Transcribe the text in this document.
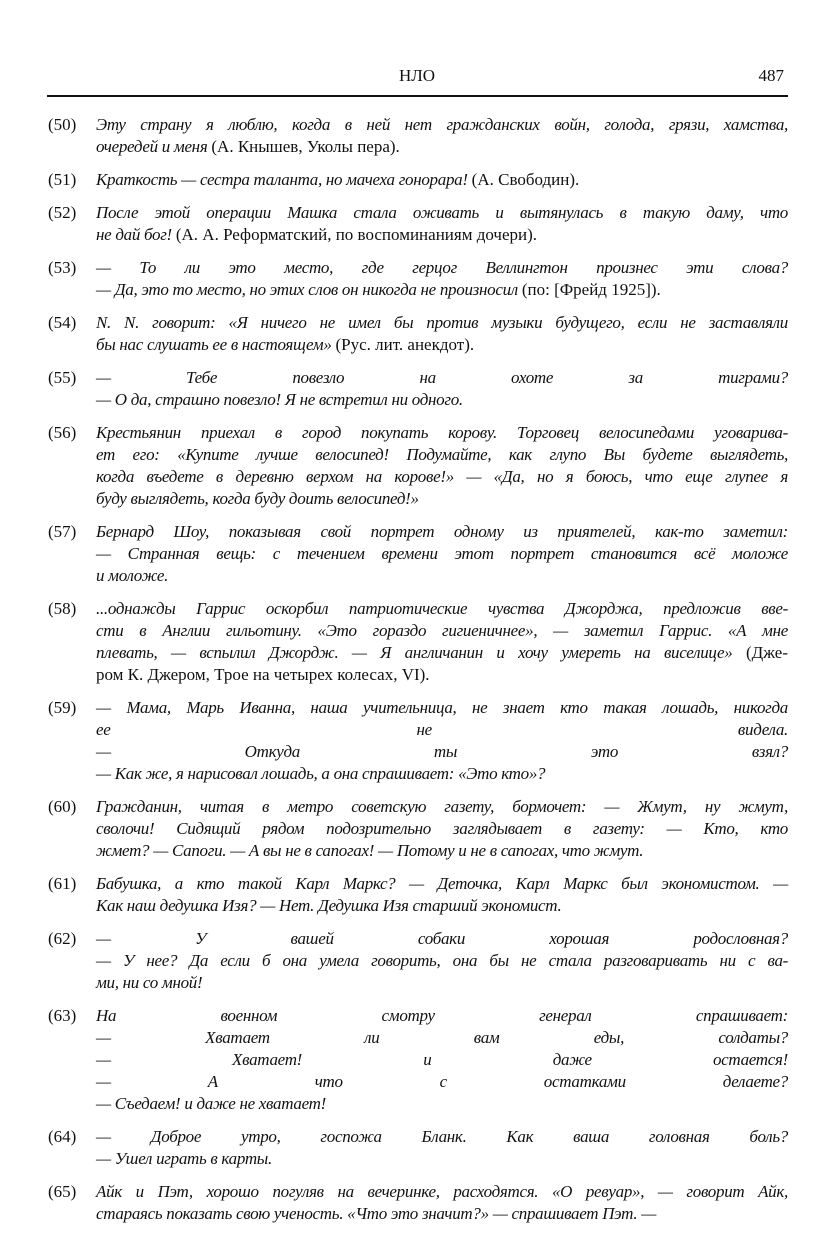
НЛО	487
(50) Эту страну я люблю, когда в ней нет гражданских войн, голода, грязи, хамства,
очередей и меня (А. Кнышев, Уколы пера).
(51) Краткость — сестра таланта, но мачеха гонорара! (А. Свободин).
(52) После этой операции Машка стала оживать и вытянулась в такую даму, что
не дай бог! (А. А. Реформатский, по воспоминаниям дочери).
(53) — То ли это место, где герцог Веллингтон произнес эти слова?
— Да, это то место, но этих слов он никогда не произносил (по: [Фрейд 1925]).
(54) N. N. говорит: «Я ничего не имел бы против музыки будущего, если не заставляли
бы нас слушать ее в настоящем» (Рус. лит. анекдот).
(55) — Тебе повезло на охоте за тиграми?
— О да, страшно повезло! Я не встретил ни одного.
(56) Крестьянин приехал в город покупать корову. Торговец велосипедами уговарива-
ет его: «Купите лучше велосипед! Подумайте, как глупо Вы будете выглядеть,
когда въедете в деревню верхом на корове!» — «Да, но я боюсь, что еще глупее я
буду выглядеть, когда буду доить велосипед!»
(57) Бернард Шоу, показывая свой портрет одному из приятелей, как-то заметил:
— Странная вещь: с течением времени этот портрет становится всё моложе
и моложе.
(58) ...однажды Гаррис оскорбил патриотические чувства Джорджа, предложив вве-
сти в Англии гильотину. «Это гораздо гигиеничнее», — заметил Гаррис. «А мне
плевать, — вспылил Джордж. — Я англичанин и хочу умереть на виселице» (Дже-
ром К. Джером, Трое на четырех колесах, VI).
(59) — Мама, Марь Иванна, наша учительница, не знает кто такая лошадь, никогда
ее не видела.
— Откуда ты это взял?
— Как же, я нарисовал лошадь, а она спрашивает: «Это кто»?
(60) Гражданин, читая в метро советскую газету, бормочет: — Жмут, ну жмут,
сволочи! Сидящий рядом подозрительно заглядывает в газету: — Кто, кто
жмет? — Сапоги. — А вы не в сапогах! — Потому и не в сапогах, что жмут.
(61) Бабушка, а кто такой Карл Маркс? — Деточка, Карл Маркс был экономистом. —
Как наш дедушка Изя? — Нет. Дедушка Изя старший экономист.
(62) — У вашей собаки хорошая родословная?
— У нее? Да если б она умела говорить, она бы не стала разговаривать ни с ва-
ми, ни со мной!
(63) На военном смотру генерал спрашивает:
— Хватает ли вам еды, солдаты?
— Хватает! и даже остается!
— А что с остатками делаете?
— Съедаем! и даже не хватает!
(64) — Доброе утро, госпожа Бланк. Как ваша головная боль?
— Ушел играть в карты.
(65) Айк и Пэт, хорошо погуляв на вечеринке, расходятся. «О ревуар», — говорит Айк,
стараясь показать свою ученость. «Что это значит?» — спрашивает Пэт. —
